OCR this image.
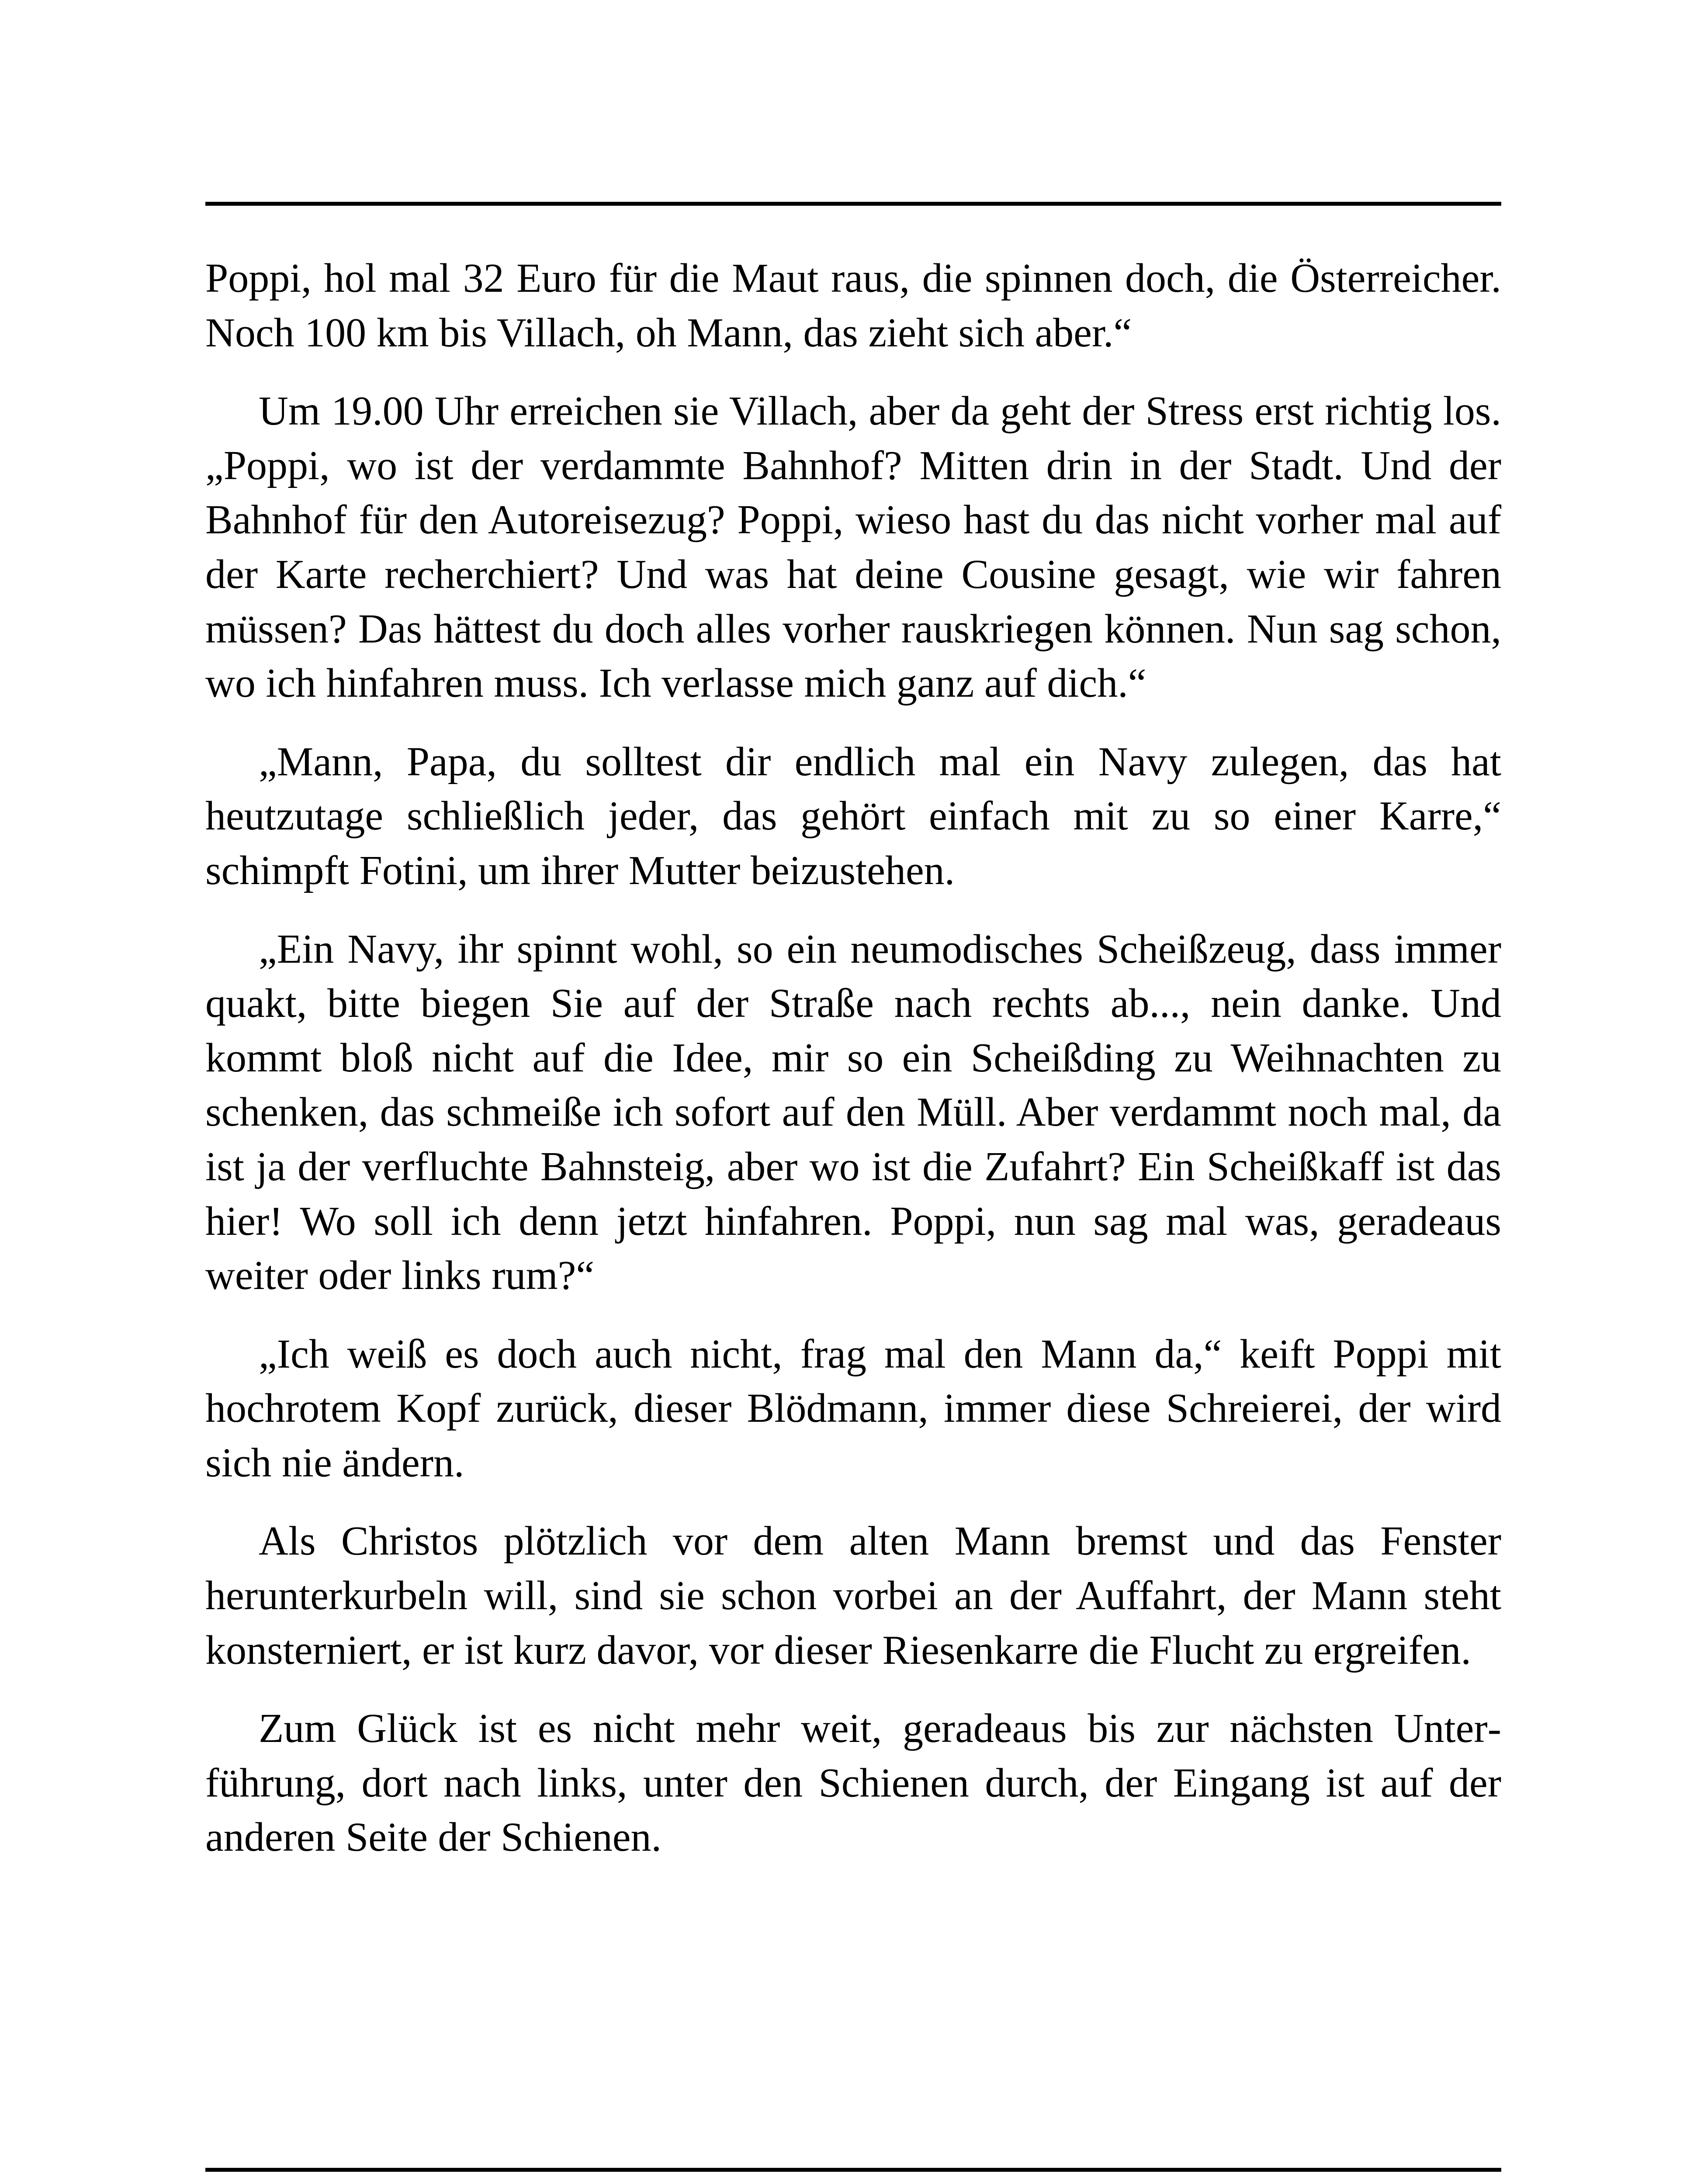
Poppi, hol mal 32 Euro für die Maut raus, die spinnen doch, die Österreicher. Noch 100 km bis Villach, oh Mann, das zieht sich aber.“

Um 19.00 Uhr erreichen sie Villach, aber da geht der Stress erst richtig los. „Poppi, wo ist der verdammte Bahnhof? Mitten drin in der Stadt. Und der Bahnhof für den Autoreisezug? Poppi, wieso hast du das nicht vorher mal auf der Karte recherchiert? Und was hat deine Cousine gesagt, wie wir fahren müssen? Das hättest du doch alles vorher rauskriegen können. Nun sag schon, wo ich hinfahren muss. Ich verlasse mich ganz auf dich.“

„Mann, Papa, du solltest dir endlich mal ein Navy zulegen, das hat heutzutage schließlich jeder, das gehört einfach mit zu so einer Karre,“ schimpft Fotini, um ihrer Mutter beizustehen.

„Ein Navy, ihr spinnt wohl, so ein neumodisches Scheißzeug, dass immer quakt, bitte biegen Sie auf der Straße nach rechts ab..., nein danke. Und kommt bloß nicht auf die Idee, mir so ein Scheißding zu Weihnachten zu schenken, das schmeiße ich sofort auf den Müll. Aber verdammt noch mal, da ist ja der verfluchte Bahnsteig, aber wo ist die Zufahrt? Ein Scheißkaff ist das hier! Wo soll ich denn jetzt hinfahren. Poppi, nun sag mal was, geradeaus weiter oder links rum?“

„Ich weiß es doch auch nicht, frag mal den Mann da,“ keift Poppi mit hochrotem Kopf zurück, dieser Blödmann, immer diese Schreierei, der wird sich nie ändern.

Als Christos plötzlich vor dem alten Mann bremst und das Fenster herunterkurbeln will, sind sie schon vorbei an der Auffahrt, der Mann steht konsterniert, er ist kurz davor, vor dieser Riesenkarre die Flucht zu ergreifen.

Zum Glück ist es nicht mehr weit, geradeaus bis zur nächsten Unterführung, dort nach links, unter den Schienen durch, der Eingang ist auf der anderen Seite der Schienen.
